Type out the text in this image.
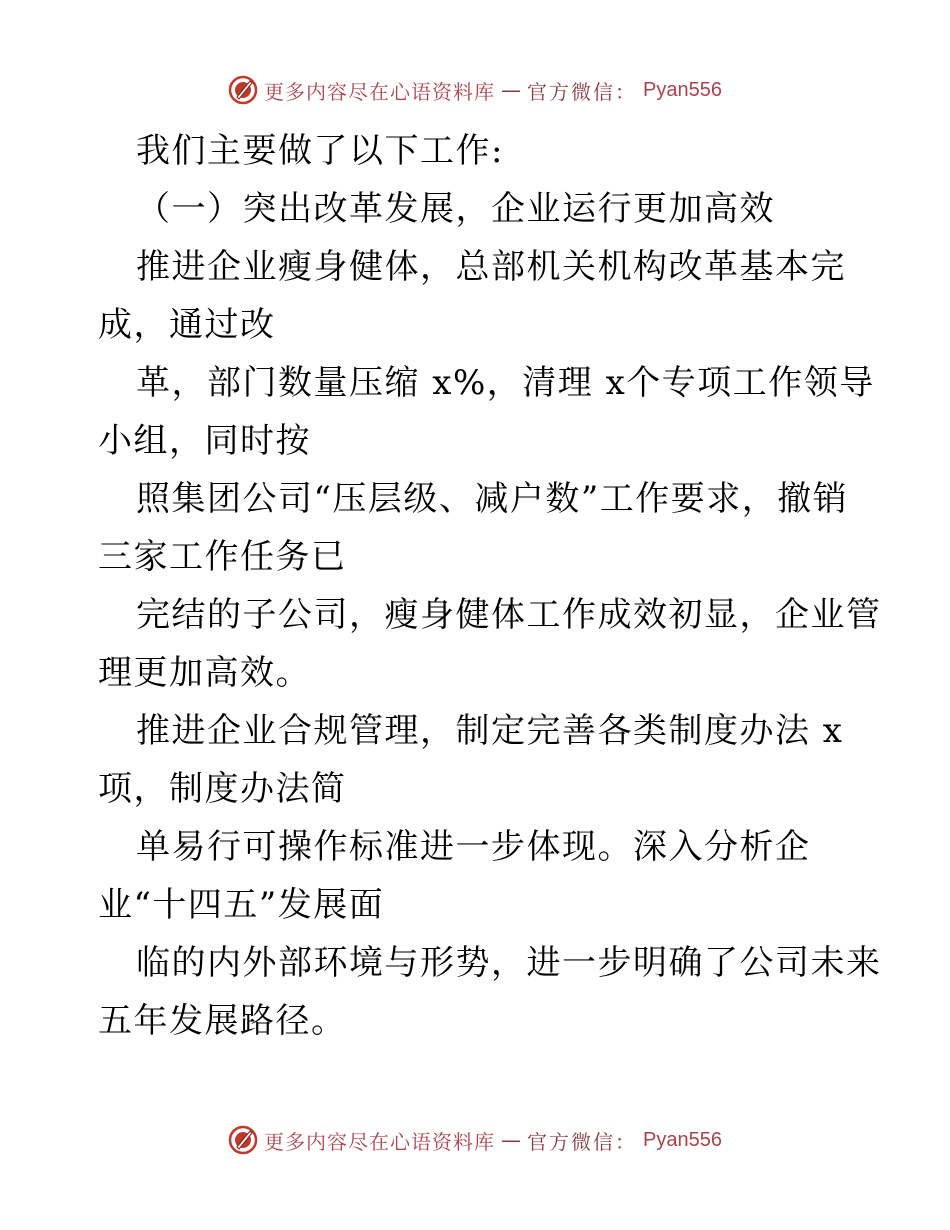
更多内容尽在心语资料库 — 官方微信： Pyan556
我们主要做了以下工作:
（一）突出改革发展，企业运行更加高效
推进企业瘦身健体，总部机关机构改革基本完
成，通过改
革，部门数量压缩 x%，清理 x个专项工作领导
小组，同时按
照集团公司“压层级、减户数”工作要求，撤销
三家工作任务已
完结的子公司，瘦身健体工作成效初显，企业管
理更加高效。
推进企业合规管理，制定完善各类制度办法 x
项，制度办法简
单易行可操作标准进一步体现。深入分析企
业“十四五”发展面
临的内外部环境与形势，进一步明确了公司未来
五年发展路径。
更多内容尽在心语资料库 — 官方微信： Pyan556
